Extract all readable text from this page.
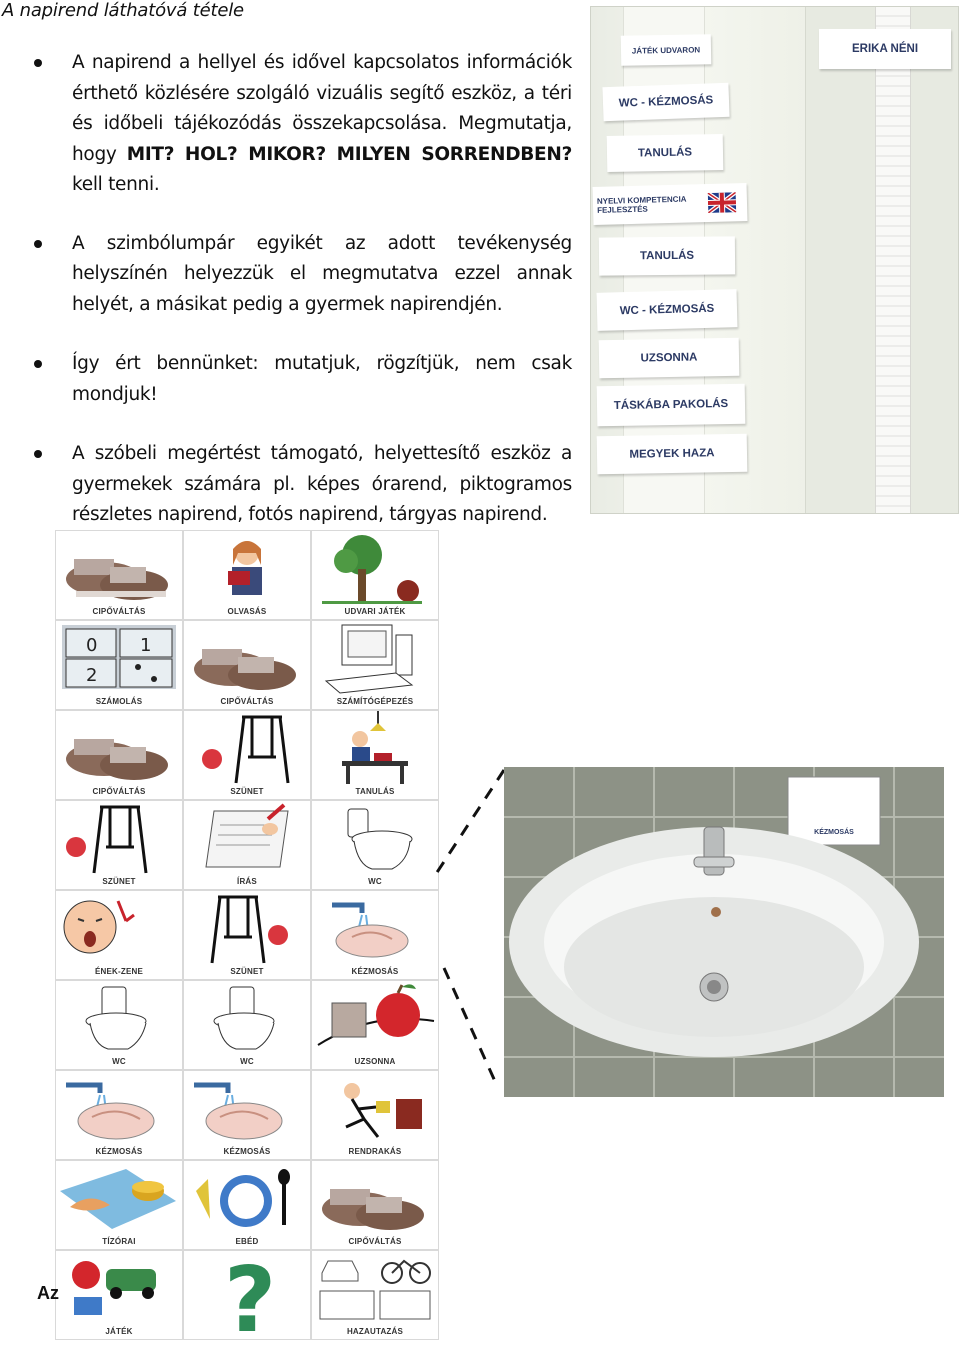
A napirend láthatóvá tétele
A napirend a hellyel és idővel kapcsolatos információk érthető közlésére szolgáló vizuális segítő eszköz, a téri és időbeli tájékozódás összekapcsolása. Megmutatja, hogy MIT? HOL? MIKOR? MILYEN SORRENDBEN? kell tenni.
A szimbólumpár egyikét az adott tevékenység helyszínén helyezzük el megmutatva ezzel annak helyét, a másikat pedig a gyermek napirendjén.
Így ért bennünket: mutatjuk, rögzítjük, nem csak mondjuk!
A szóbeli megértést támogató, helyettesítő eszköz a gyermekek számára pl. képes órarend, piktogramos részletes napirend, fotós napirend, tárgyas napirend.
JÁTÉK UDVARON
WC - KÉZMOSÁS
TANULÁS
NYELVI KOMPETENCIA FEJLESZTÉS
TANULÁS
WC - KÉZMOSÁS
UZSONNA
TÁSKÁBA PAKOLÁS
MEGYEK HAZA
ERIKA NÉNI
CIPŐVÁLTÁS	OLVASÁS	UDVARI JÁTÉK
0 1
2
SZÁMOLÁS	CIPŐVÁLTÁS	SZÁMÍTÓGÉPEZÉS
CIPŐVÁLTÁS	SZÜNET	TANULÁS
SZÜNET	ÍRÁS	WC
ÉNEK-ZENE	SZÜNET	KÉZMOSÁS
WC	WC	UZSONNA
KÉZMOSÁS	KÉZMOSÁS	RENDRAKÁS
TÍZÓRAI	EBÉD	CIPŐVÁLTÁS
JÁTÉK	?	HAZAUTAZÁS
KÉZMOSÁS
Az
